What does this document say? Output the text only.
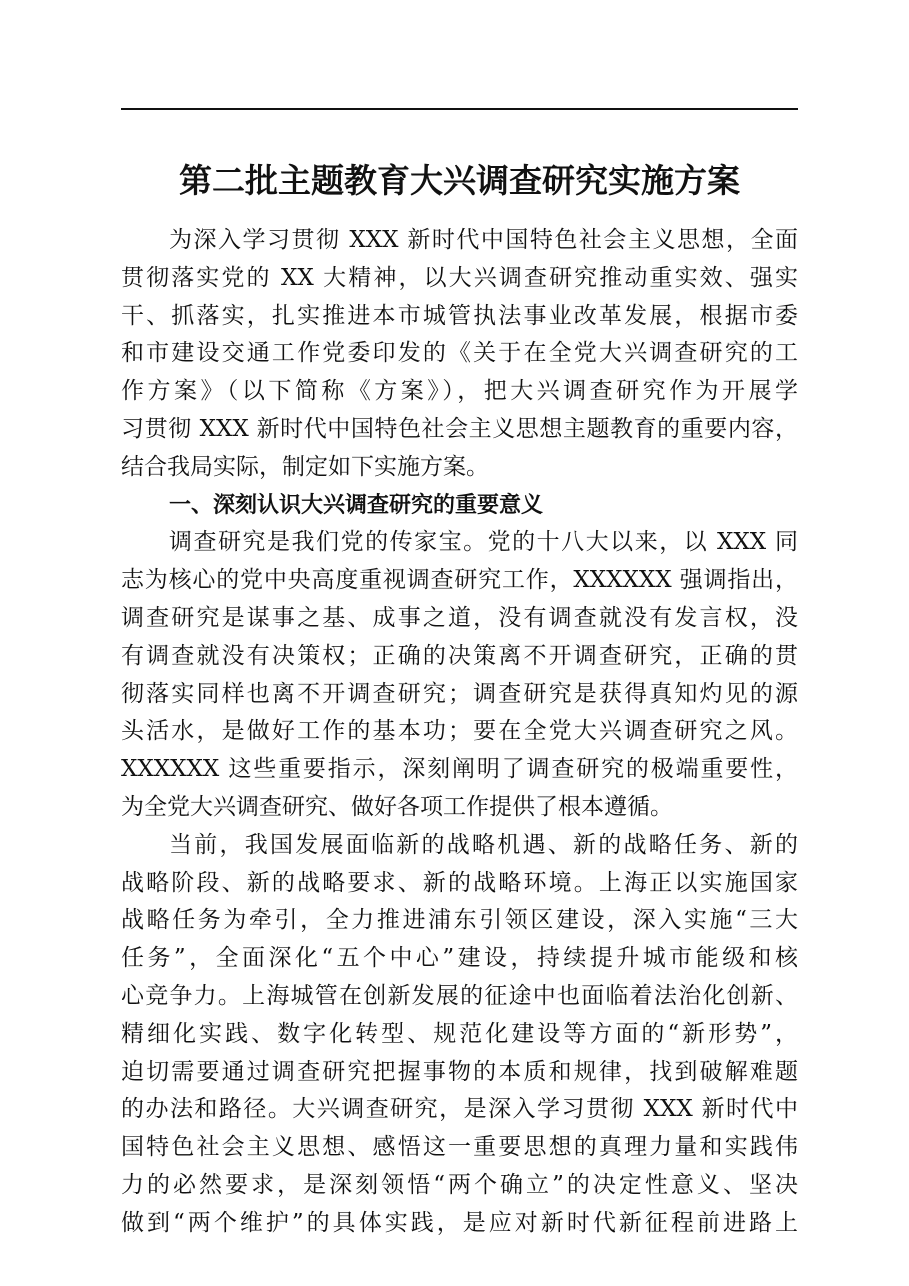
第二批主题教育大兴调查研究实施方案
为深入学习贯彻 XXX 新时代中国特色社会主义思想，全面
贯彻落实党的 XX 大精神，以大兴调查研究推动重实效、强实
干、抓落实，扎实推进本市城管执法事业改革发展，根据市委
和市建设交通工作党委印发的《关于在全党大兴调查研究的工
作方案》（以下简称《方案》），把大兴调查研究作为开展学
习贯彻 XXX 新时代中国特色社会主义思想主题教育的重要内容，
结合我局实际，制定如下实施方案。
一、深刻认识大兴调查研究的重要意义
调查研究是我们党的传家宝。党的十八大以来，以 XXX 同
志为核心的党中央高度重视调查研究工作，XXXXXX 强调指出，
调查研究是谋事之基、成事之道，没有调查就没有发言权，没
有调查就没有决策权；正确的决策离不开调查研究，正确的贯
彻落实同样也离不开调查研究；调查研究是获得真知灼见的源
头活水，是做好工作的基本功；要在全党大兴调查研究之风。
XXXXXX 这些重要指示，深刻阐明了调查研究的极端重要性，
为全党大兴调查研究、做好各项工作提供了根本遵循。
当前，我国发展面临新的战略机遇、新的战略任务、新的
战略阶段、新的战略要求、新的战略环境。上海正以实施国家
战略任务为牵引，全力推进浦东引领区建设，深入实施“三大
任务”，全面深化“五个中心”建设，持续提升城市能级和核
心竞争力。上海城管在创新发展的征途中也面临着法治化创新、
精细化实践、数字化转型、规范化建设等方面的“新形势”，
迫切需要通过调查研究把握事物的本质和规律，找到破解难题
的办法和路径。大兴调查研究，是深入学习贯彻 XXX 新时代中
国特色社会主义思想、感悟这一重要思想的真理力量和实践伟
力的必然要求，是深刻领悟“两个确立”的决定性意义、坚决
做到“两个维护”的具体实践，是应对新时代新征程前进路上
